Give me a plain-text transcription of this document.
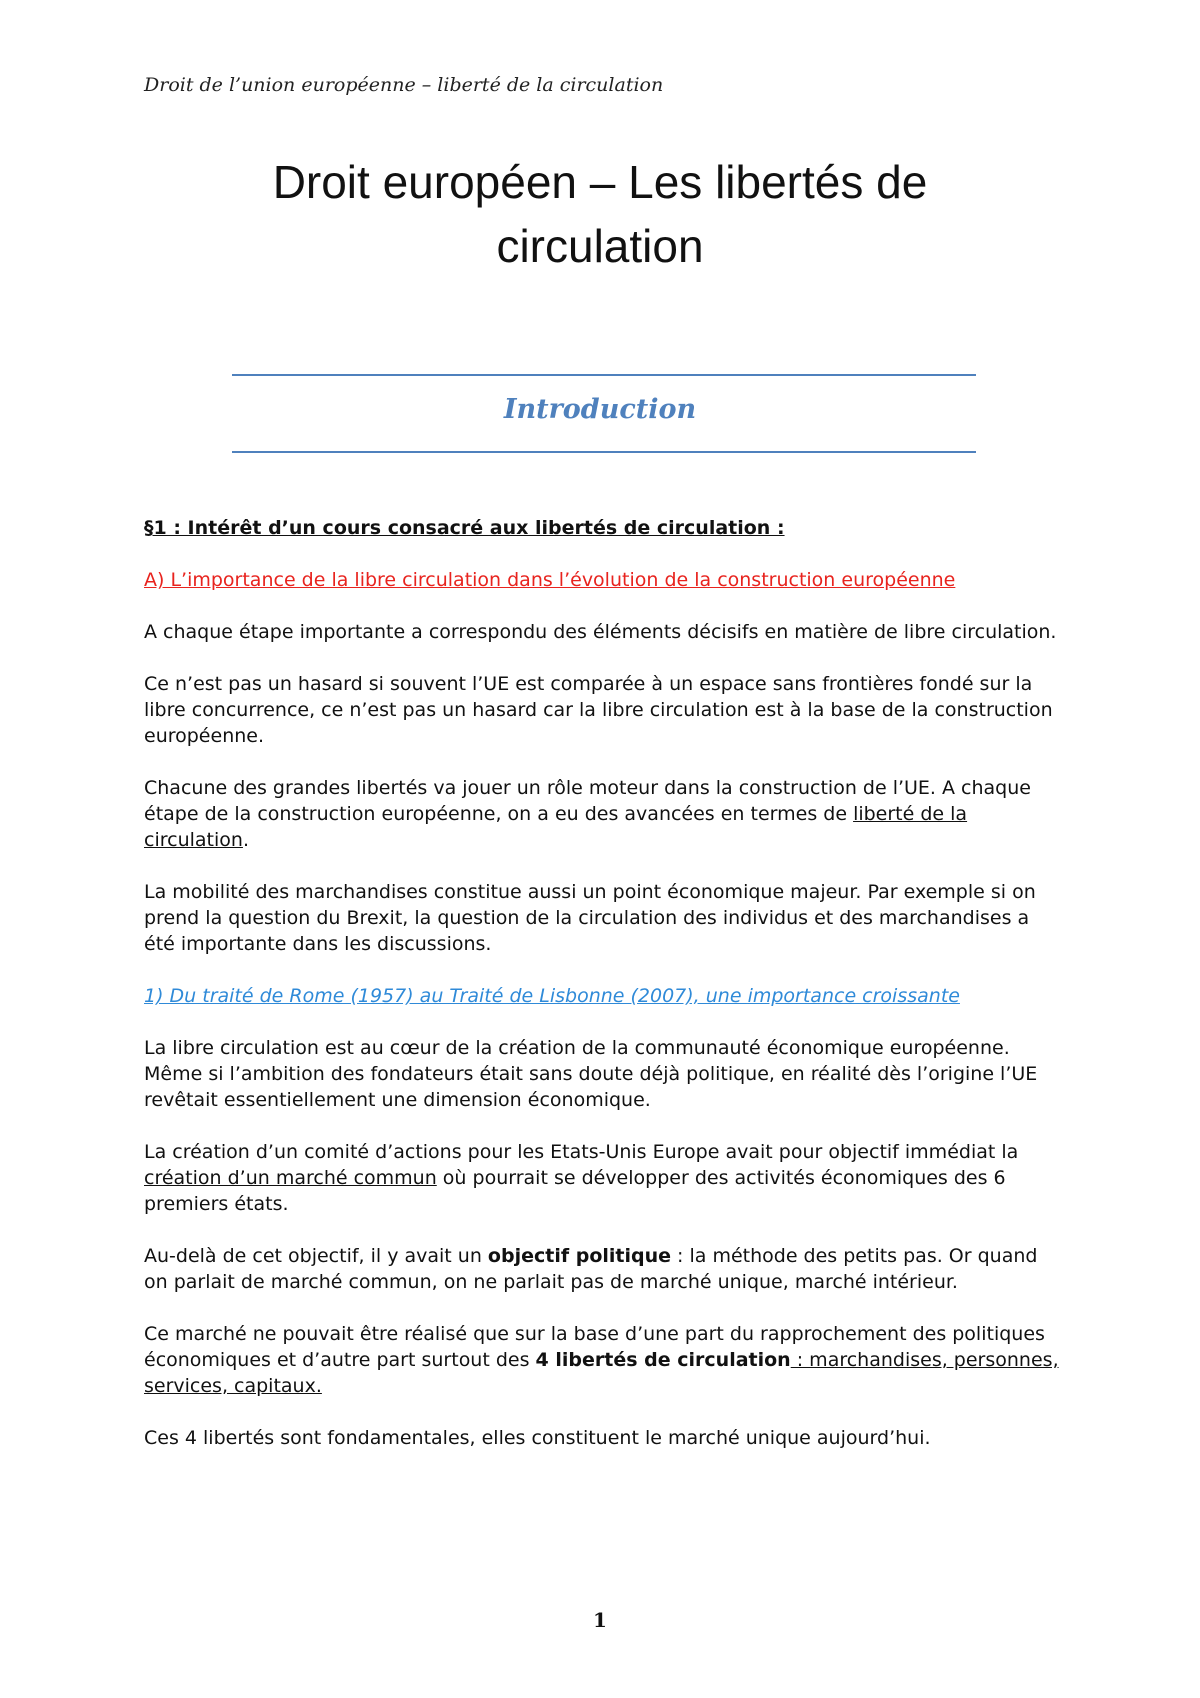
Droit de l’union européenne – liberté de la circulation
Droit européen – Les libertés de
circulation
Introduction

§1 : Intérêt d’un cours consacré aux libertés de circulation :

A) L’importance de la libre circulation dans l’évolution de la construction européenne

A chaque étape importante a correspondu des éléments décisifs en matière de libre circulation.

Ce n’est pas un hasard si souvent l’UE est comparée à un espace sans frontières fondé sur la libre concurrence, ce n’est pas un hasard car la libre circulation est à la base de la construction européenne.

Chacune des grandes libertés va jouer un rôle moteur dans la construction de l’UE. A chaque étape de la construction européenne, on a eu des avancées en termes de liberté de la circulation.

La mobilité des marchandises constitue aussi un point économique majeur. Par exemple si on prend la question du Brexit, la question de la circulation des individus et des marchandises a été importante dans les discussions.

1) Du traité de Rome (1957) au Traité de Lisbonne (2007), une importance croissante

La libre circulation est au cœur de la création de la communauté économique européenne. Même si l’ambition des fondateurs était sans doute déjà politique, en réalité dès l’origine l’UE revêtait essentiellement une dimension économique.

La création d’un comité d’actions pour les Etats-Unis Europe avait pour objectif immédiat la création d’un marché commun où pourrait se développer des activités économiques des 6 premiers états.

Au-delà de cet objectif, il y avait un objectif politique : la méthode des petits pas. Or quand on parlait de marché commun, on ne parlait pas de marché unique, marché intérieur.

Ce marché ne pouvait être réalisé que sur la base d’une part du rapprochement des politiques économiques et d’autre part surtout des 4 libertés de circulation : marchandises, personnes, services, capitaux.

Ces 4 libertés sont fondamentales, elles constituent le marché unique aujourd’hui.

1
